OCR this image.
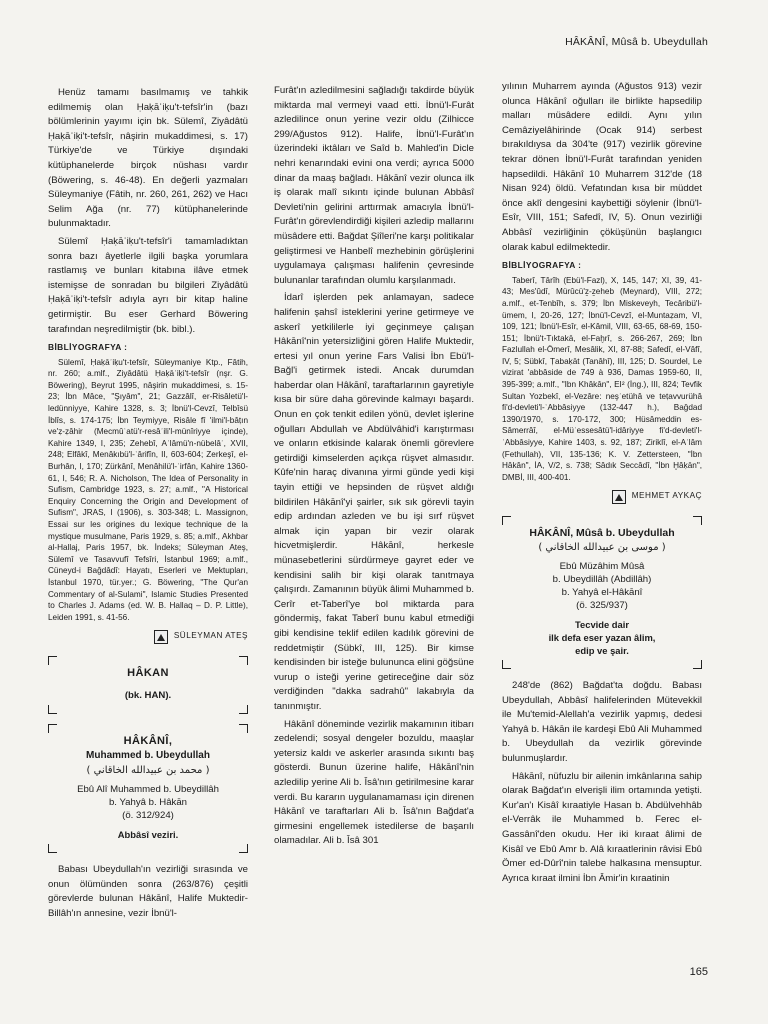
HÂKÂNÎ, Mûsâ b. Ubeydullah

Henüz tamamı basılmamış ve tahkik edilmemiş olan Ḥaḳāʾiḳu't-tefsîr'in (bazı bölümlerinin yayımı için bk. Sülemî, Ziyâdâtü Ḥaḳāʾiḳi't-tefsîr, nâşirin mukaddimesi, s. 17) Türkiye'de ve Türkiye dışındaki kütüphanelerde birçok nüshası vardır (Böwering, s. 46-48). En değerli yazmaları Süleymaniye (Fâtih, nr. 260, 261, 262) ve Hacı Selim Ağa (nr. 77) kütüphanelerinde bulunmaktadır.

Sülemî Ḥaḳāʾiḳu't-tefsîr'i tamamladıktan sonra bazı âyetlerle ilgili başka yorumlara rastlamış ve bunları kitabına ilâve etmek istemişse de sonradan bu bilgileri Ziyâdâtü Ḥaḳāʾiḳi't-tefsîr adıyla ayrı bir kitap haline getirmiştir. Bu eser Gerhard Böwering tarafından neşredilmiştir (bk. bibl.).

BİBLİYOGRAFYA :

Sülemî, Ḥaḳāʾiḳu't-tefsîr, Süleymaniye Ktp., Fâtih, nr. 260; a.mlf., Ziyâdâtü Ḥaḳāʾiḳi't-tefsîr (nşr. G. Böwering), Beyrut 1995, nâşirin mukaddimesi, s. 15-23; İbn Mâce, "Şıyâm", 21; Gazzâlî, er-Risâletü'l-ledünniyye, Kahire 1328, s. 3; İbnü'l-Cevzî, Telbîsü İblîs, s. 174-175; İbn Teymiyye, Risâle fî 'ilmi'l-bâṭın ve'ẓ-ẓâhir (Mecmûʿatü'r-resâʾili'l-münîriyye içinde), Kahire 1349, I, 235; Zehebî, Aʿlâmü'n-nübelâʾ, XVII, 248; Elfâkî, Menâkıbü'l-ʿârifîn, II, 603-604; Zerkeşî, el-Burhân, I, 170; Zürkânî, Menâhilü'l-ʿirfân, Kahire 1360-61, I, 546; R. A. Nicholson, The Idea of Personality in Sufism, Cambridge 1923, s. 27; a.mlf., "A Historical Enquiry Concerning the Origin and Development of Sufism", JRAS, I (1906), s. 303-348; L. Massignon, Essai sur les origines du lexique technique de la mystique musulmane, Paris 1929, s. 85; a.mlf., Akhbar al-Hallaj, Paris 1957, bk. İndeks; Süleyman Ateş, Sülemî ve Tasavvufî Tefsîri, İstanbul 1969; a.mlf., Cüneyd-i Bağdâdî: Hayatı, Eserleri ve Mektupları, İstanbul 1970, tür.yer.; G. Böwering, "The Qur'an Commentary of al-Sulami", Islamic Studies Presented to Charles J. Adams (ed. W. B. Hallaq – D. P. Little), Leiden 1991, s. 41-56.

SÜLEYMAN ATEŞ
HÂKAN
(bk. HAN).
HÂKÂNÎ,
Muhammed b. Ubeydullah
( محمد بن عبيدالله الخاقاني )
Ebû Alî Muhammed b. Ubeydillâh
b. Yahyâ b. Hâkān
(ö. 312/924)
Abbâsî veziri.

Babası Ubeydullah'ın vezirliği sırasında ve onun ölümünden sonra (263/876) çeşitli görevlerde bulunan Hâkānî, Halife Muktedir-Billâh'ın annesine, vezir İbnü'l-

Furât'ın azledilmesini sağladığı takdirde büyük miktarda mal vermeyi vaad etti. İbnü'l-Furât azledilince onun yerine vezir oldu (Zilhicce 299/Ağustos 912). Halife, İbnü'l-Furât'ın üzerindeki iktâları ve Saîd b. Mahled'in Dicle nehri kenarındaki evini ona verdi; ayrıca 5000 dinar da maaş bağladı. Hâkānî vezir olunca ilk iş olarak malî sıkıntı içinde bulunan Abbâsî Devleti'nin gelirini arttırmak amacıyla İbnü'l-Furât'ın görevlendirdiği kişileri azledip mallarını müsâdere etti. Bağdat Şiîleri'ne karşı politikalar geliştirmesi ve Hanbelî mezhebinin görüşlerini uygulamaya çalışması halifenin çevresinde bulunanlar tarafından olumlu karşılanmadı.

İdarî işlerden pek anlamayan, sadece halifenin şahsî isteklerini yerine getirmeye ve askerî yetkililerle iyi geçinmeye çalışan Hâkānî'nin yetersizliğini gören Halife Muktedir, ertesi yıl onun yerine Fars Valisi İbn Ebü'l-Bağl'i getirmek istedi. Ancak durumdan haberdar olan Hâkānî, taraftarlarının gayretiyle kısa bir süre daha görevinde kalmayı başardı. Onun en çok tenkit edilen yönü, devlet işlerine oğulları Abdullah ve Abdülvâhid'i karıştırması ve onların etkisinde kalarak önemli görevlere getirdiği kimselerden açıkça rüşvet almasıdır. Kûfe'nin haraç divanına yirmi günde yedi kişi tayin ettiği ve hepsinden de rüşvet aldığı bildirilen Hâkānî'yi şairler, sık sık görevli tayin edip ardından azleden ve bu işi sırf rüşvet almak için yapan bir vezir olarak hicvetmişlerdir. Hâkānî, herkesle münasebetlerini sürdürmeye gayret eder ve kendisini salih bir kişi olarak tanıtmaya çalışırdı. Zamanının büyük âlimi Muhammed b. Cerîr et-Taberî'ye bol miktarda para göndermiş, fakat Taberî bunu kabul etmediği gibi kendisine teklif edilen kadılık görevini de reddetmiştir (Sübkî, III, 125). Bir kimse kendisinden bir isteğe bulununca elini göğsüne vurup o isteği yerine getireceğine dair söz verdiğinden "dakka sadrahû" lakabıyla da tanınmıştır.

Hâkānî döneminde vezirlik makamının itibarı zedelendi; sosyal dengeler bozuldu, maaşlar yetersiz kaldı ve askerler arasında sıkıntı baş gösterdi. Bunun üzerine halife, Hâkānî'nin azledilip yerine Ali b. Îsâ'nın getirilmesine karar verdi. Bu kararın uygulanamaması için direnen Hâkānî ve taraftarları Ali b. Îsâ'nın Bağdat'a girmesini engellemek istedilerse de başarılı olamadılar. Ali b. Îsâ 301

yılının Muharrem ayında (Ağustos 913) vezir olunca Hâkānî oğulları ile birlikte hapsedilip malları müsâdere edildi. Aynı yılın Cemâziyelâhirinde (Ocak 914) serbest bırakıldıysa da 304'te (917) vezirlik görevine tekrar dönen İbnü'l-Furât tarafından yeniden hapsedildi. Hâkānî 10 Muharrem 312'de (18 Nisan 924) öldü. Vefatından kısa bir müddet önce aklî dengesini kaybettiği söylenir (İbnü'l-Esîr, VIII, 151; Safedî, IV, 5). Onun vezirliği Abbâsî vezirliğinin çöküşünün başlangıcı olarak kabul edilmektedir.

BİBLİYOGRAFYA :

Taberî, Târîh (Ebü'l-Fazl), X, 145, 147; XI, 39, 41-43; Mes'ûdî, Mürûcü'ẕ-ẕeheb (Meynard), VIII, 272; a.mlf., et-Tenbîh, s. 379; İbn Miskeveyh, Tecâribü'l-ümem, I, 20-26, 127; İbnü'l-Cevzî, el-Muntaẓam, VI, 109, 121; İbnü'l-Esîr, el-Kâmil, VIII, 63-65, 68-69, 150-151; İbnü't-Tıktakā, el-Faḫrî, s. 266-267, 269; İbn Fazlullah el-Ömerî, Mesâlik, XI, 87-88; Safedî, el-Vâfî, IV, 5; Sübkî, Ṭabaḳāt (Tanâhî), III, 125; D. Sourdel, Le vizirat 'abbâside de 749 à 936, Damas 1959-60, II, 395-399; a.mlf., "Ibn Khâkân", EI² (İng.), III, 824; Tevfik Sultan Yozbekî, el-Vezâre: neşʾetühâ ve teṭavvurühâ fi'd-devleti'l-ʿAbbâsiyye (132-447 h.), Bağdad 1390/1970, s. 170-172, 300; Hüsâmeddin es-Sâmerrâî, el-Müʾessesâtü'l-idâriyye fi'd-devleti'l-ʿAbbâsiyye, Kahire 1403, s. 92, 187; Ziriklî, el-Aʿlâm (Fethullah), VII, 135-136; K. V. Zettersteen, "İbn Hâkân", İA, V/2, s. 738; Sâdık Seccâdî, "İbn Ḫâḳān", DMBİ, III, 400-401.

MEHMET AYKAÇ
HÂKÂNÎ, Mûsâ b. Ubeydullah
( موسى بن عبيدالله الخاقاني )
Ebû Müzâhim Mûsâ
b. Ubeydillâh (Abdillâh)
b. Yahyâ el-Hâkānî
(ö. 325/937)
Tecvide dair
ilk defa eser yazan âlim,
edip ve şair.

248'de (862) Bağdat'ta doğdu. Babası Ubeydullah, Abbâsî halifelerinden Mütevekkil ile Mu'temid-Alellah'a vezirlik yapmış, dedesi Yahyâ b. Hâkān ile kardeşi Ebû Ali Muhammed b. Ubeydullah da vezirlik görevinde bulunmuşlardır.

Hâkānî, nüfuzlu bir ailenin imkânlarına sahip olarak Bağdat'ın elverişli ilim ortamında yetişti. Kur'an'ı Kisâî kıraatiyle Hasan b. Abdülvehhâb el-Verrâk ile Muhammed b. Ferec el-Gassânî'den okudu. Her iki kıraat âlimi de Kisâî ve Ebû Amr b. Alâ kıraatlerinin râvisi Ebû Ömer ed-Dûrî'nin talebe halkasına mensuptur. Ayrıca kıraat ilmini İbn Âmir'in kıraatinin

165
